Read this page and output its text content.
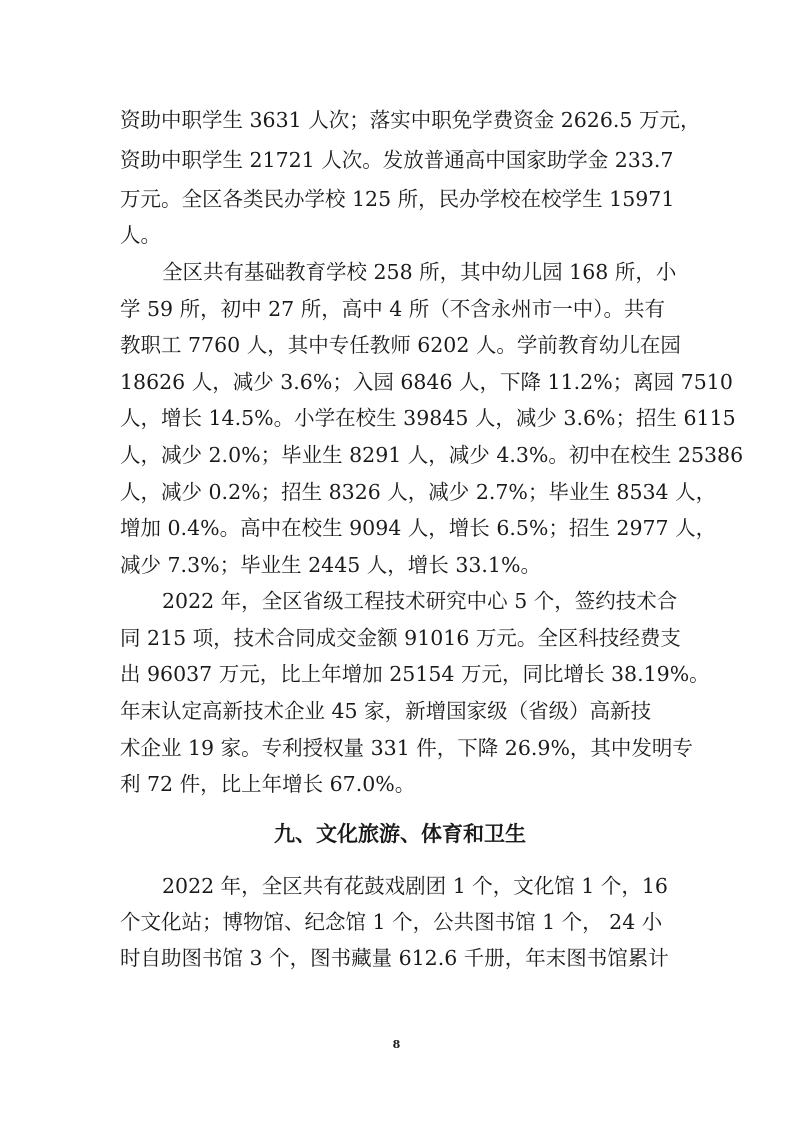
资助中职学生 3631 人次；落实中职免学费资金 2626.5 万元，
资助中职学生 21721 人次。发放普通高中国家助学金 233.7
万元。全区各类民办学校 125 所，民办学校在校学生 15971
人。
全区共有基础教育学校 258 所，其中幼儿园 168 所，小
学 59 所，初中 27 所，高中 4 所（不含永州市一中）。共有
教职工 7760 人，其中专任教师 6202 人。学前教育幼儿在园
18626 人，减少 3.6%；入园 6846 人，下降 11.2%；离园 7510
人，增长 14.5%。小学在校生 39845 人，减少 3.6%；招生 6115
人，减少 2.0%；毕业生 8291 人，减少 4.3%。初中在校生 25386
人，减少 0.2%；招生 8326 人，减少 2.7%；毕业生 8534 人，
增加 0.4%。高中在校生 9094 人，增长 6.5%；招生 2977 人，
减少 7.3%；毕业生 2445 人，增长 33.1%。
2022 年，全区省级工程技术研究中心 5 个，签约技术合
同 215 项，技术合同成交金额 91016 万元。全区科技经费支
出 96037 万元，比上年增加 25154 万元，同比增长 38.19%。
年末认定高新技术企业 45 家，新增国家级（省级）高新技
术企业 19 家。专利授权量 331 件，下降 26.9%，其中发明专
利 72 件，比上年增长 67.0%。
九、文化旅游、体育和卫生
2022 年，全区共有花鼓戏剧团 1 个，文化馆 1 个，16
个文化站；博物馆、纪念馆 1 个，公共图书馆 1 个， 24 小
时自助图书馆 3 个，图书藏量 612.6 千册，年末图书馆累计
8
